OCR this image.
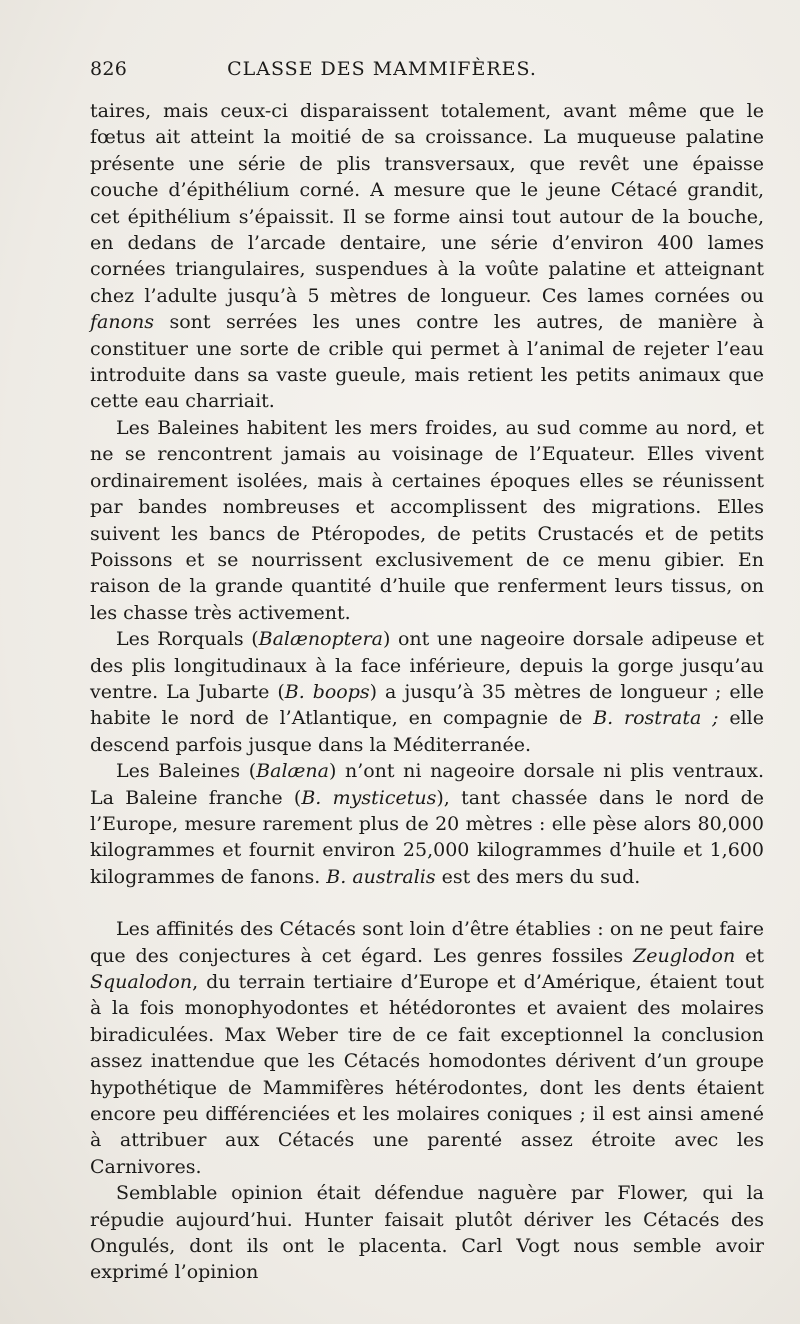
826	CLASSE DES MAMMIFÈRES.

taires, mais ceux-ci disparaissent totalement, avant même que le fœtus ait atteint la moitié de sa croissance. La muqueuse palatine présente une série de plis transversaux, que revêt une épaisse couche d’épithélium corné. A mesure que le jeune Cétacé grandit, cet épithélium s’épaissit. Il se forme ainsi tout autour de la bouche, en dedans de l’arcade dentaire, une série d’environ 400 lames cornées triangulaires, suspendues à la voûte palatine et atteignant chez l’adulte jusqu’à 5 mètres de longueur. Ces lames cornées ou fanons sont serrées les unes contre les autres, de manière à constituer une sorte de crible qui permet à l’animal de rejeter l’eau introduite dans sa vaste gueule, mais retient les petits animaux que cette eau charriait.

Les Baleines habitent les mers froides, au sud comme au nord, et ne se rencontrent jamais au voisinage de l’Equateur. Elles vivent ordinairement isolées, mais à certaines époques elles se réunissent par bandes nombreuses et accomplissent des migrations. Elles suivent les bancs de Ptéropodes, de petits Crustacés et de petits Poissons et se nourrissent exclusivement de ce menu gibier. En raison de la grande quantité d’huile que renferment leurs tissus, on les chasse très activement.

Les Rorquals (Balænoptera) ont une nageoire dorsale adipeuse et des plis longitudinaux à la face inférieure, depuis la gorge jusqu’au ventre. La Jubarte (B. boops) a jusqu’à 35 mètres de longueur ; elle habite le nord de l’Atlantique, en compagnie de B. rostrata ; elle descend parfois jusque dans la Méditerranée.

Les Baleines (Balæna) n’ont ni nageoire dorsale ni plis ventraux. La Baleine franche (B. mysticetus), tant chassée dans le nord de l’Europe, mesure rarement plus de 20 mètres : elle pèse alors 80,000 kilogrammes et fournit environ 25,000 kilogrammes d’huile et 1,600 kilogrammes de fanons. B. australis est des mers du sud.

Les affinités des Cétacés sont loin d’être établies : on ne peut faire que des conjectures à cet égard. Les genres fossiles Zeuglodon et Squalodon, du terrain tertiaire d’Europe et d’Amérique, étaient tout à la fois monophyodontes et hétédorontes et avaient des molaires biradiculées. Max Weber tire de ce fait exceptionnel la conclusion assez inattendue que les Cétacés homodontes dérivent d’un groupe hypothétique de Mammifères hétérodontes, dont les dents étaient encore peu différenciées et les molaires coniques ; il est ainsi amené à attribuer aux Cétacés une parenté assez étroite avec les Carnivores.

Semblable opinion était défendue naguère par Flower, qui la répudie aujourd’hui. Hunter faisait plutôt dériver les Cétacés des Ongulés, dont ils ont le placenta. Carl Vogt nous semble avoir exprimé l’opinion
